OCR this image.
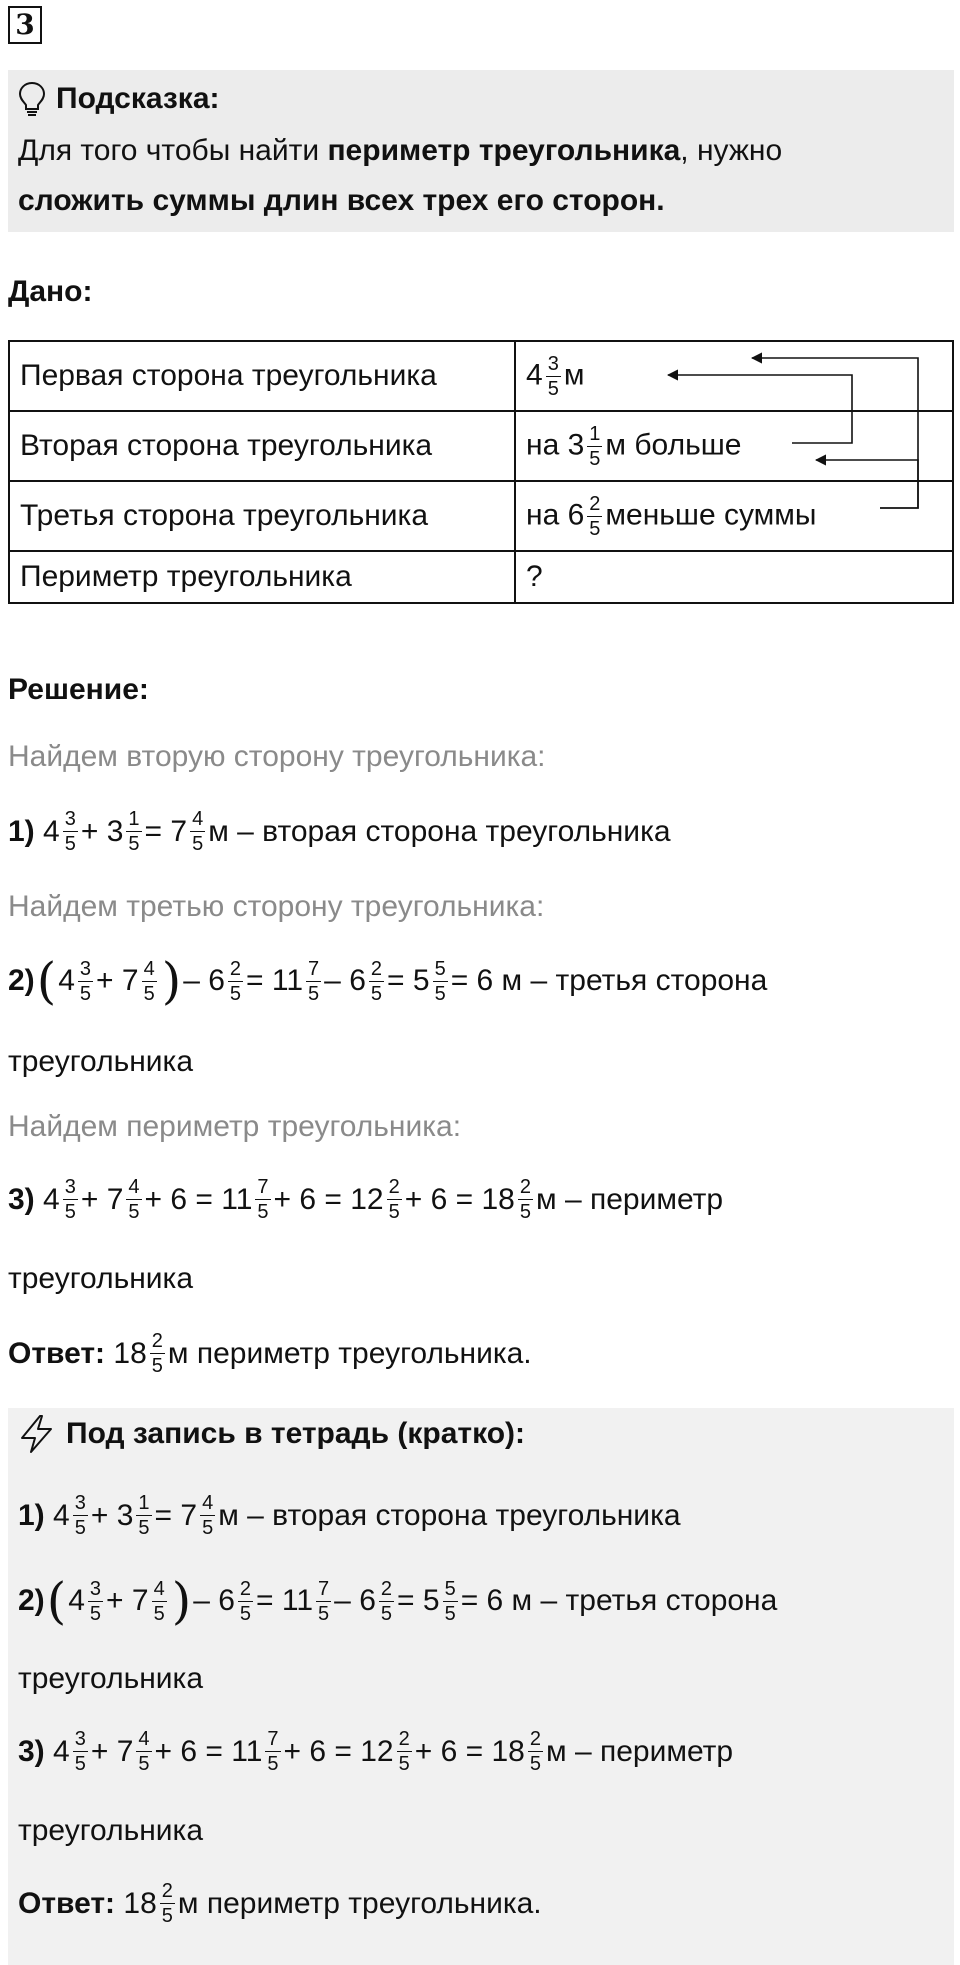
3
Подсказка:
Для того чтобы найти периметр треугольника, нужно
сложить суммы длин всех трех его сторон.
Дано:
Первая сторона треугольника	$4 \frac{3}{5}$ м
Вторая сторона треугольника	на $3 \frac{1}{5}$ м больше
Третья сторона треугольника	на $6 \frac{2}{5}$ меньше суммы
Периметр треугольника	?
Решение:
Найдем вторую сторону треугольника:
1) 4 3
$5 + 3 \frac{1}{5} = 7$ 4
5 м – вторая сторона треугольника
Найдем третью сторону треугольника:
2) ( 4 3
5 + 7 4
5 ) – $6 \frac{2}{5} = 11$ 7
$5 - 6 \frac{2}{5} = 5 \frac{5}{5} = 6$ м – третья сторона
треугольника
Найдем периметр треугольника:
3) 4 3
5 + 7 4
5 + 6 = 11 7
5 + 6 = 12 2
5 + 6 = 18 2
5 м – периметр
треугольника
Ответ:
18 2
5 м периметр треугольника.
Под запись в тетрадь (кратко):
1) 4 3
$5 + 3 \frac{1}{5} = 7$ 4
5 м – вторая сторона треугольника
2) ( 4 3
5 + 7 4
5 ) – $6 \frac{2}{5} = 11$ 7
$5 - 6 \frac{2}{5} = 5 \frac{5}{5} = 6$ м – третья сторона
треугольника
3) 4 3
5 + 7 4
5 + 6 = 11 7
5 + 6 = 12 2
5 + 6 = 18 2
5 м – периметр
треугольника
Ответ:
18 2
5 м периметр треугольника.
